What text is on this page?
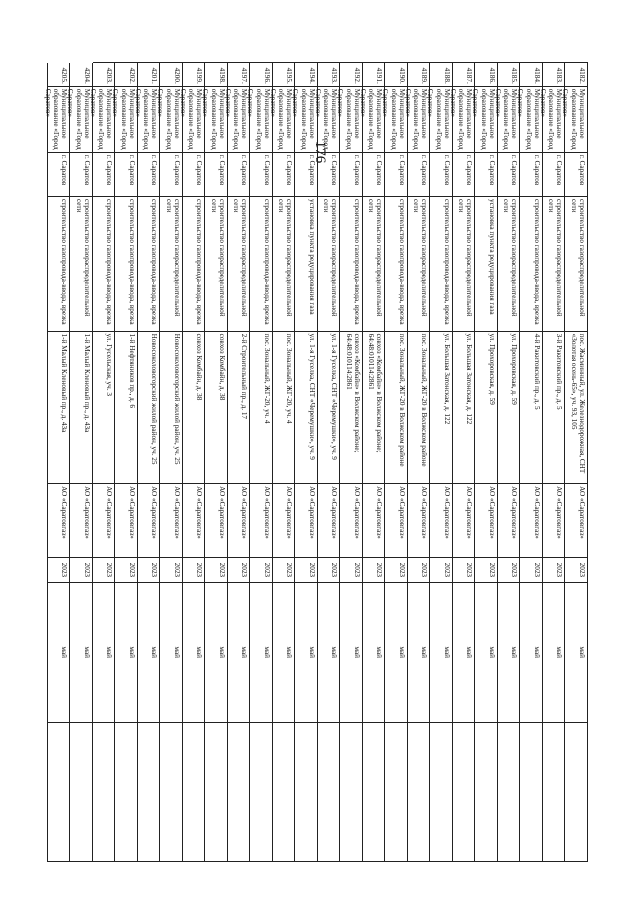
176
4182.
Муниципальное образование «Город Саратов»
г. Саратов
строительство газораспределительной сети
пос. Жасминный, ул. Железнодорожная, СНТ «Золотая осень-65», уч. 93, 105
АО «Саратовгаз»
2023
май
4183.
Муниципальное образование «Город Саратов»
г. Саратов
строительство газораспределительной сети
3-й Ракитовский пр., д. 5
АО «Саратовгаз»
2023
май
4184.
Муниципальное образование «Город Саратов»
г. Саратов
строительство газопровода-ввода, врезка
4-й Ракитовский пр., д. 5
АО «Саратовгаз»
2023
май
4185.
Муниципальное образование «Город Саратов»
г. Саратов
строительство газораспределительной сети
ул. Прохоровская, д. 59
АО «Саратовгаз»
2023
май
4186.
Муниципальное образование «Город Саратов»
г. Саратов
установка пункта редуцирования газа
ул. Прохоровская, д. 59
АО «Саратовгаз»
2023
май
4187.
Муниципальное образование «Город Саратов»
г. Саратов
строительство газораспределительной сети
ул. Большая Затонская, д. 122
АО «Саратовгаз»
2023
май
4188.
Муниципальное образование «Город Саратов»
г. Саратов
строительство газопровода-ввода, врезка
ул. Большая Затонская, д. 122
АО «Саратовгаз»
2023
май
4189.
Муниципальное образование «Город Саратов»
г. Саратов
строительство газораспределительной сети
пос. Зональный, ЖГ-20 в Волжском районе
АО «Саратовгаз»
2023
май
4190.
Муниципальное образование «Город Саратов»
г. Саратов
строительство газопровода-ввода, врезка
пос. Зональный, ЖГ-20 в Волжском районе
АО «Саратовгаз»
2023
май
4191.
Муниципальное образование «Город Саратов»
г. Саратов
строительство газораспределительной сети
совхоз «Комбайн» в Волжском районе; 64:48:010114:2861
АО «Саратовгаз»
2023
май
4192.
Муниципальное образование «Город Саратов»
г. Саратов
строительство газопровода-ввода, врезка
совхоз «Комбайн» в Волжском районе; 64:48:010114:2861
АО «Саратовгаз»
2023
май
4193.
Муниципальное образование «Город Саратов»
г. Саратов
строительство газораспределительной сети
ул. 1-я Гуселка, СНТ «Черемушки», уч. 9
АО «Саратовгаз»
2023
май
4194.
Муниципальное образование «Город Саратов»
г. Саратов
установка пункта редуцирования газа
ул. 1-я Гуселка, СНТ «Черемушки», уч. 9
АО «Саратовгаз»
2023
май
4195.
Муниципальное образование «Город Саратов»
г. Саратов
строительство газораспределительной сети
пос. Зональный, ЖГ-20, уч. 4
АО «Саратовгаз»
2023
май
4196.
Муниципальное образование «Город Саратов»
г. Саратов
строительство газопровода-ввода, врезка
пос. Зональный, ЖГ-20, уч. 4
АО «Саратовгаз»
2023
май
4197.
Муниципальное образование «Город Саратов»
г. Саратов
строительство газораспределительной сети
2-й Строительный пр., д. 17
АО «Саратовгаз»
2023
май
4198.
Муниципальное образование «Город Саратов»
г. Саратов
строительство газораспределительной сети
совхоз Комбайн, д. 38
АО «Саратовгаз»
2023
май
4199.
Муниципальное образование «Город Саратов»
г. Саратов
строительство газопровода-ввода, врезка
совхоз Комбайн, д. 38
АО «Саратовгаз»
2023
май
4200.
Муниципальное образование «Город Саратов»
г. Саратов
строительство газораспределительной сети
Новосоколовогорский жилой район, уч. 25
АО «Саратовгаз»
2023
май
4201.
Муниципальное образование «Город Саратов»
г. Саратов
строительство газопровода-ввода, врезка
Новосоколовогорский жилой район, уч. 25
АО «Саратовгаз»
2023
май
4202.
Муниципальное образование «Город Саратов»
г. Саратов
строительство газопровода-ввода, врезка
1-й Нефтяников пр., д. 6
АО «Саратовгаз»
2023
май
4203.
Муниципальное образование «Город Саратов»
г. Саратов
строительство газопровода-ввода, врезка
ул. Гусельская, уч. 3
АО «Саратовгаз»
2023
май
4204.
Муниципальное образование «Город Саратов»
г. Саратов
строительство газораспределительной сети
1-й Малый Кленовый пр., д. 43а
АО «Саратовгаз»
2023
май
4205.
Муниципальное образование «Город Саратов»
г. Саратов
строительство газопровода-ввода, врезка
1-й Малый Кленовый пр., д. 43а
АО «Саратовгаз»
2023
май
